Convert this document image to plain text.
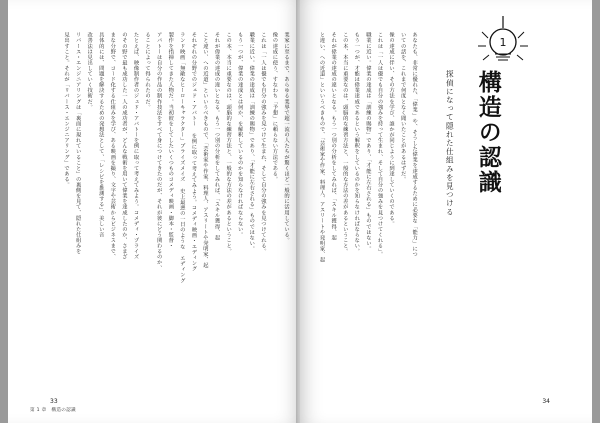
業家に至るまで、あらゆる業界で超一流の人たちが驚くほど一般的に活用している。
像の達成に使う、すなわち「予想」に頼らない方法である。
これは「一人は優でも自分の強みを見つけて生まれ、そして自分の強みを見つけてれる。
職業に近い。偉業の達成は「訓練の賜物」であり、「才能に左右される」ものではない。
もう一つが、偉業の達成とは何か、を解釈しているのかを知らなければならない。
この本、本当に重要なのは、頭脳的な練習方法と、一般的な方法の差があるということ。
それが偉業の達成の違いとなる。もう一つ別の分析をしてみれば、「スキル獲得、起
こと違い、への近道」といいうべきもので、「芸術家や作家、料理人、アスリートや発明家、起
それぞれの分野でのジェド・アパトー を例に取って考えてみよう。コメディ映画・エディング
ランド映画「無敵なヒーローキャラクター」プライズメイズ 史上最悪の一日のような エディング
製作を指揮してきた人物だ。当初彼をしてしたいくつものコメディ映画・脚本・監督・
アパトーは自分の作品の制作技法をすべて身につけてきたのだが、それが彼にどう関わるのか、
ることによって得られたのだ。
たとえば、映像制作者のジェド・アパトーを例に取って考えてみよう。コメディ・プライズ
のその野で最も成功した一人の成功者が、どんな戦術を用いて偉業を達成したのか、さまざ
まな分野で、コード化する仕組みを学び、ある映画を撮り、文字や芸術からビジネスまで、
具体的には、問題を解決するための発想法として、「レシピを推測する」、美しい音
改善法は見出していく技術だ。
リバース・エンジニアリングは「裏面に現れていること」の裏側を見て、隠れた仕組みを
見出すこと。それが「リバース・エンジニアリング」である。
第 1 章　構造の認識
33
1
構造の認識
探偵になって隠れた仕組みを見つける
あなたも、非常に優れた、「偉業」や、そうした偉業を達成するために必要な「能力」につ
いての話を、これまで何度となく聞いたことがあるはずだ。
像の達成に伴い、その方法を学び、誰かが同じように到達していくのである。
これは「一人は優でも自分の強みを持って生まれ、そして自分の強みを見つけてくれる」。
職業に近い。偉業の達成は「訓練の賜物」であり、「才能に左右される」ものではない。
もう一つが、才能は偉業達成であるという解釈をしているのかを知らなければならない。
この本、本当に重要なのは、頭脳的な練習方法と、一般的な方法の差があるということ。
それが偉業の達成の違いとなる。もう一つ別の分析をしてみれば、「スキル獲得、起
と違い、への近道」といいうべきもので、「芸術家や作家、料理人、アスリートや発明家、起
34
